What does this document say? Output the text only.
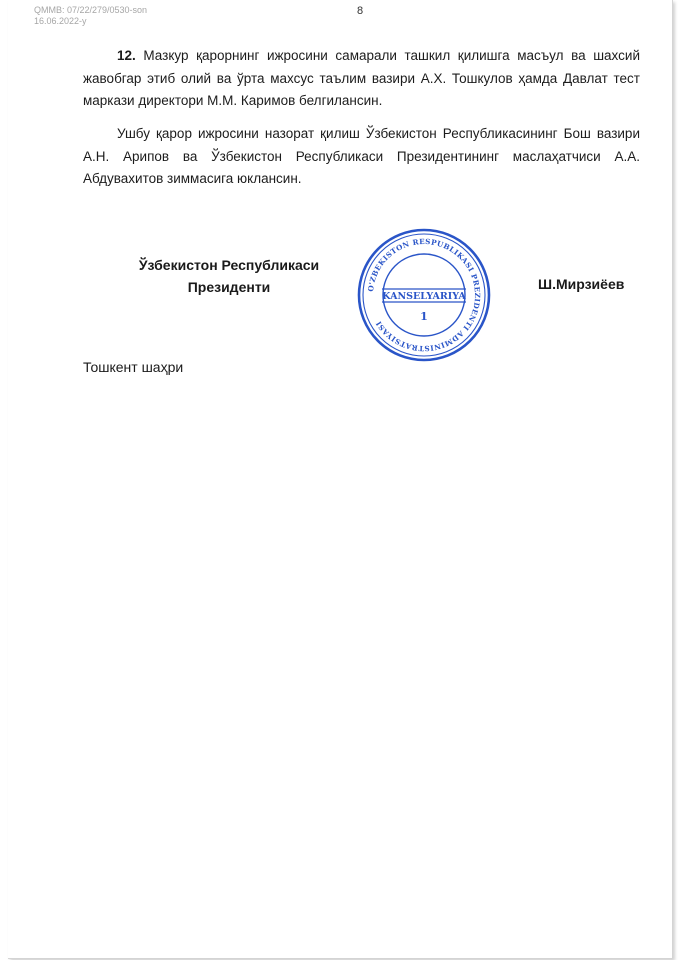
QMMB: 07/22/279/0530-son
16.06.2022-y
8

12. Мазкур қарорнинг ижросини самарали ташкил қилишга масъул ва шахсий жавобгар этиб олий ва ўрта махсус таълим вазири А.Х. Тошкулов ҳамда Давлат тест маркази директори М.М. Каримов белгилансин.

Ушбу қарор ижросини назорат қилиш Ўзбекистон Республикасининг Бош вазири А.Н. Арипов ва Ўзбекистон Республикаси Президентининг маслаҳатчиси А.А. Абдувахитов зиммасига юклансин.

Ўзбекистон Республикаси
Президенти	O'ZBEKISTON RESPUBLIKASI PREZIDENTI ADMINISTRATSIYASI
KANSELYARIYA
1
Ш.Мирзиёев
Тошкент шаҳри
